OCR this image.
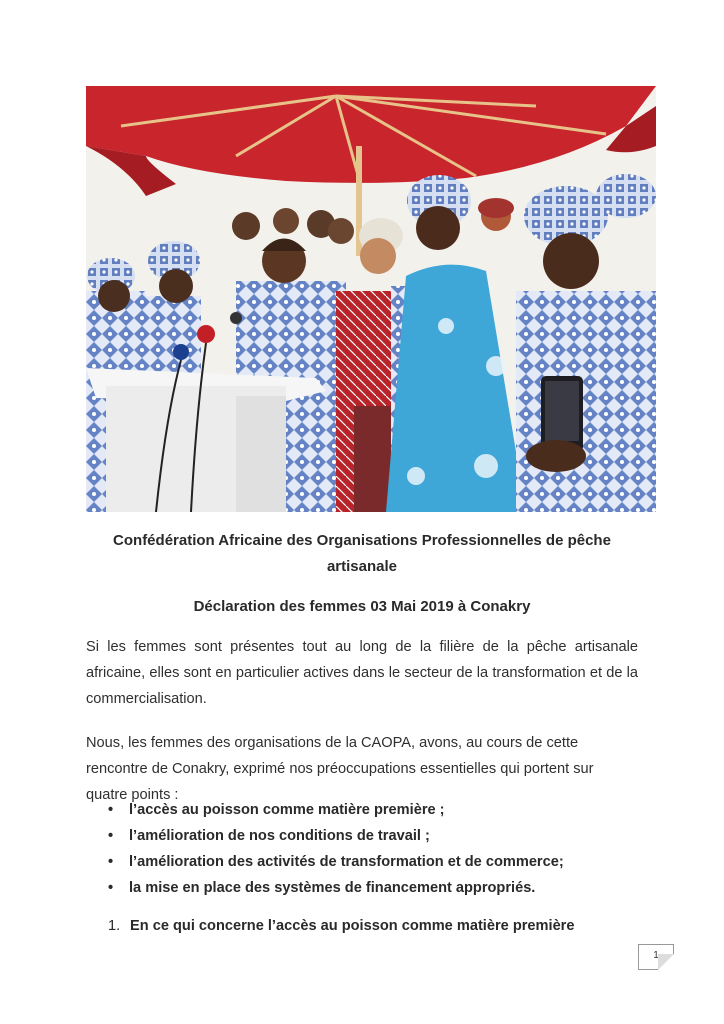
Confédération Africaine des Organisations Professionnelles de pêche artisanale
Déclaration des femmes 03 Mai 2019 à Conakry
Si les femmes sont présentes tout au long de la filière de la pêche artisanale africaine, elles sont en particulier actives dans le secteur de la transformation et de la commercialisation.
Nous, les femmes des organisations de la CAOPA, avons, au cours de cette rencontre de Conakry, exprimé nos préoccupations essentielles qui portent sur quatre points :
• l’accès au poisson comme matière première ;
• l’amélioration de nos conditions de travail ;
• l’amélioration des activités de transformation et de commerce;
• la mise en place des systèmes de financement appropriés.
1. En ce qui concerne l’accès au poisson comme matière première
1
